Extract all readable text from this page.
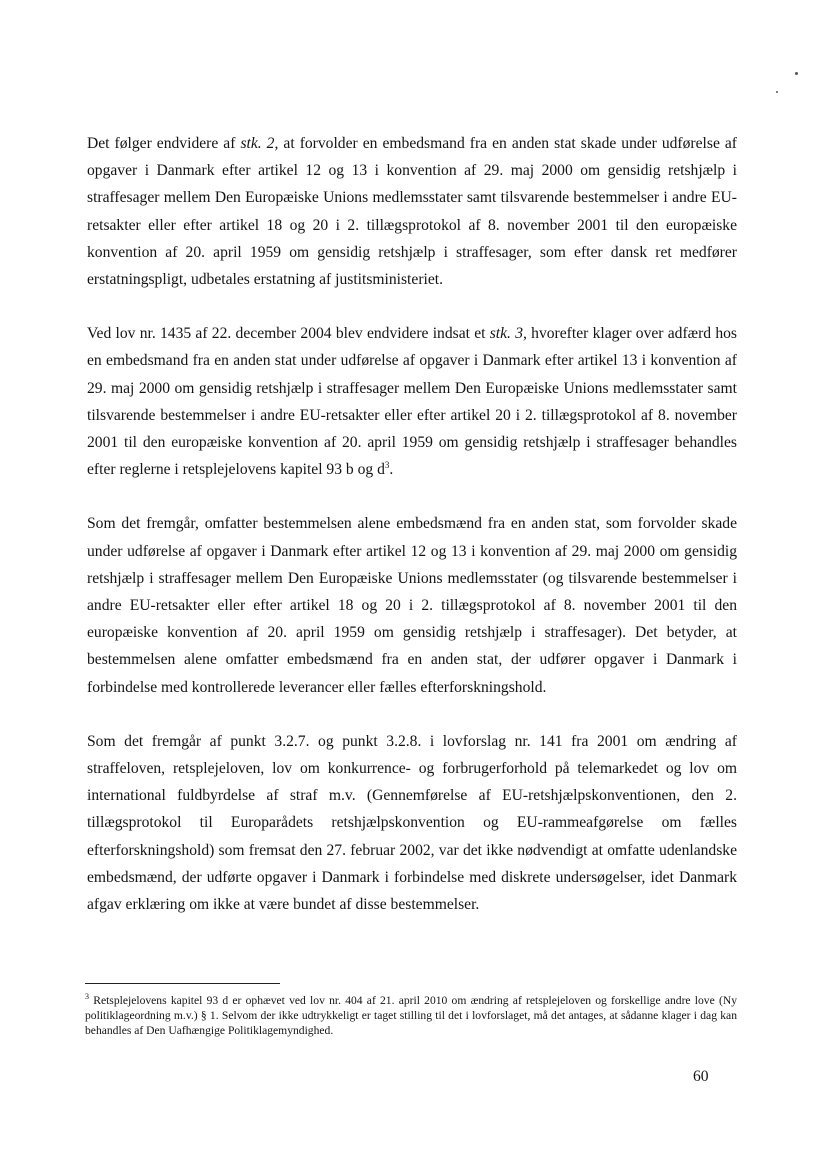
Det følger endvidere af stk. 2, at forvolder en embedsmand fra en anden stat skade under udførelse af opgaver i Danmark efter artikel 12 og 13 i konvention af 29. maj 2000 om gensidig retshjælp i straffesager mellem Den Europæiske Unions medlemsstater samt tilsvarende bestemmelser i andre EU-retsakter eller efter artikel 18 og 20 i 2. tillægsprotokol af 8. november 2001 til den europæiske konvention af 20. april 1959 om gensidig retshjælp i straffesager, som efter dansk ret medfører erstatningspligt, udbetales erstatning af justitsministeriet.

Ved lov nr. 1435 af 22. december 2004 blev endvidere indsat et stk. 3, hvorefter klager over adfærd hos en embedsmand fra en anden stat under udførelse af opgaver i Danmark efter artikel 13 i konvention af 29. maj 2000 om gensidig retshjælp i straffesager mellem Den Europæiske Unions medlemsstater samt tilsvarende bestemmelser i andre EU-retsakter eller efter artikel 20 i 2. tillægsprotokol af 8. november 2001 til den europæiske konvention af 20. april 1959 om gensidig retshjælp i straffesager behandles efter reglerne i retsplejelovens kapitel 93 b og $d^3$.

Som det fremgår, omfatter bestemmelsen alene embedsmænd fra en anden stat, som forvolder skade under udførelse af opgaver i Danmark efter artikel 12 og 13 i konvention af 29. maj 2000 om gensidig retshjælp i straffesager mellem Den Europæiske Unions medlemsstater (og tilsvarende bestemmelser i andre EU-retsakter eller efter artikel 18 og 20 i 2. tillægsprotokol af 8. november 2001 til den europæiske konvention af 20. april 1959 om gensidig retshjælp i straffesager). Det betyder, at bestemmelsen alene omfatter embedsmænd fra en anden stat, der udfører opgaver i Danmark i forbindelse med kontrollerede leverancer eller fælles efterforskningshold.

Som det fremgår af punkt 3.2.7. og punkt 3.2.8. i lovforslag nr. 141 fra 2001 om ændring af straffeloven, retsplejeloven, lov om konkurrence- og forbrugerforhold på telemarkedet og lov om international fuldbyrdelse af straf m.v. (Gennemførelse af EU-retshjælpskonventionen, den 2. tillægsprotokol til Europarådets retshjælpskonvention og EU-rammeafgørelse om fælles efterforskningshold) som fremsat den 27. februar 2002, var det ikke nødvendigt at omfatte udenlandske embedsmænd, der udførte opgaver i Danmark i forbindelse med diskrete undersøgelser, idet Danmark afgav erklæring om ikke at være bundet af disse bestemmelser.

$^3$ Retsplejelovens kapitel 93 d er ophævet ved lov nr. 404 af 21. april 2010 om ændring af retsplejeloven og forskellige andre love (Ny politiklageordning m.v.) § 1. Selvom der ikke udtrykkeligt er taget stilling til det i lovforslaget, må det antages, at sådanne klager i dag kan behandles af Den Uafhængige Politiklagemyndighed.

60
